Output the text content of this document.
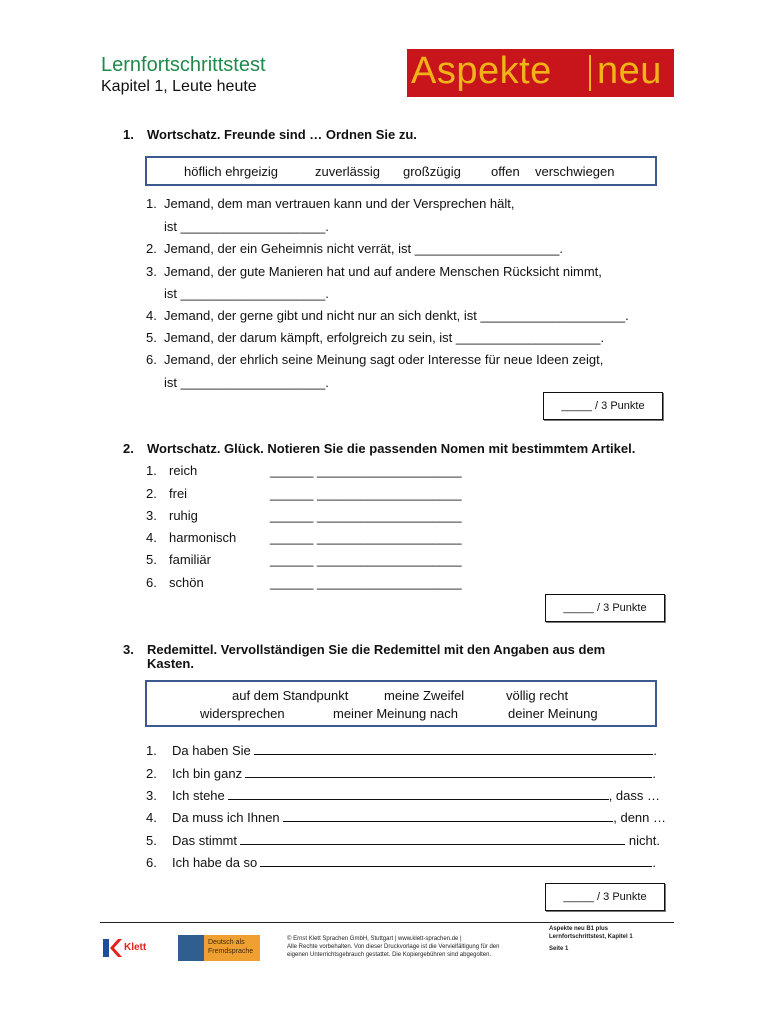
Lernfortschrittstest
Kapitel 1, Leute heute	Aspekte neu
1. Wortschatz. Freunde sind … Ordnen Sie zu.
höflich ehrgeizig	zuverlässig großzügig offen verschwiegen
1. Jemand, dem man vertrauen kann und der Versprechen hält,
ist ____________________.
2. Jemand, der ein Geheimnis nicht verrät, ist ____________________.
3. Jemand, der gute Manieren hat und auf andere Menschen Rücksicht nimmt,
ist ____________________.
4. Jemand, der gerne gibt und nicht nur an sich denkt, ist ____________________.
5. Jemand, der darum kämpft, erfolgreich zu sein, ist ____________________.
6. Jemand, der ehrlich seine Meinung sagt oder Interesse für neue Ideen zeigt,
ist ____________________.
_____ / 3 Punkte
2. Wortschatz. Glück. Notieren Sie die passenden Nomen mit bestimmtem Artikel.
1. reich	______ ____________________
2. frei	______ ____________________
3. ruhig	______ ____________________
4. harmonisch	______ ____________________
5. familiär	______ ____________________
6. schön	______ ____________________
_____ / 3 Punkte
3. Redemittel. Vervollständigen Sie die Redemittel mit den Angaben aus dem
Kasten.
auf dem Standpunkt	meine Zweifel	völlig recht
widersprechen	meiner Meinung nach	deiner Meinung
1. Da haben Sie	.
2. Ich bin ganz	.
3. Ich stehe	, dass …
4. Da muss ich Ihnen	, denn …
5. Das stimmt	nicht.
6. Ich habe da so	.
_____ / 3 Punkte
Klett	Deutsch als
Fremdsprache
© Ernst Klett Sprachen GmbH, Stuttgart | www.klett-sprachen.de |
Alle Rechte vorbehalten. Von dieser Druckvorlage ist die Vervielfältigung für den
eigenen Unterrichtsgebrauch gestattet. Die Kopiergebühren sind abgegolten.
Aspekte neu B1 plus
Lernfortschrittstest, Kapitel 1
Seite 1
